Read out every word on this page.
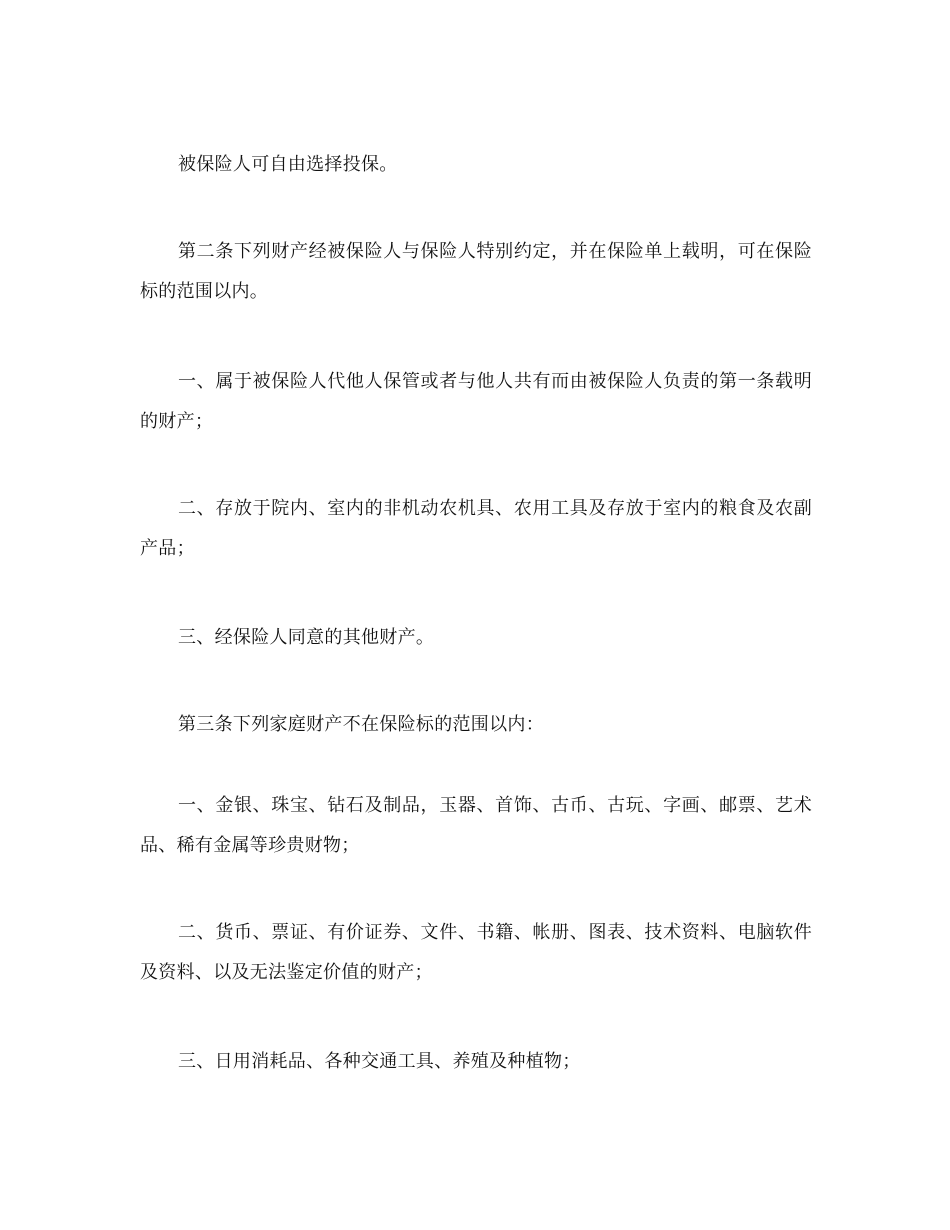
被保险人可自由选择投保。

第二条下列财产经被保险人与保险人特别约定，并在保险单上载明，可在保险标的范围以内。

一、属于被保险人代他人保管或者与他人共有而由被保险人负责的第一条载明的财产；

二、存放于院内、室内的非机动农机具、农用工具及存放于室内的粮食及农副产品；

三、经保险人同意的其他财产。

第三条下列家庭财产不在保险标的范围以内：

一、金银、珠宝、钻石及制品，玉器、首饰、古币、古玩、字画、邮票、艺术品、稀有金属等珍贵财物；

二、货币、票证、有价证券、文件、书籍、帐册、图表、技术资料、电脑软件及资料、以及无法鉴定价值的财产；

三、日用消耗品、各种交通工具、养殖及种植物；
